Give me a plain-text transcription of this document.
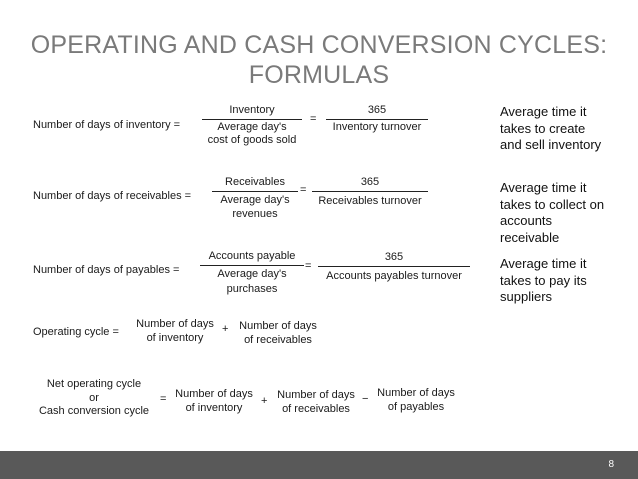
OPERATING AND CASH CONVERSION CYCLES:
FORMULAS
Number of days of inventory =
Inventory
Average day's
cost of goods sold
=
365
Inventory turnover
Average time it takes to create and sell inventory
Number of days of receivables =
Receivables
Average day's
revenues
=
365
Receivables turnover
Average time it takes to collect on accounts receivable
Number of days of payables =
Accounts payable
Average day's
purchases
=
365
Accounts payables turnover
Average time it takes to pay its suppliers
Operating cycle =
Number of days
of inventory
+ Number of days
of receivables
Net operating cycle
or
Cash conversion cycle
= Number of days
of inventory
+ Number of days
of receivables
− Number of days
of payables
8
